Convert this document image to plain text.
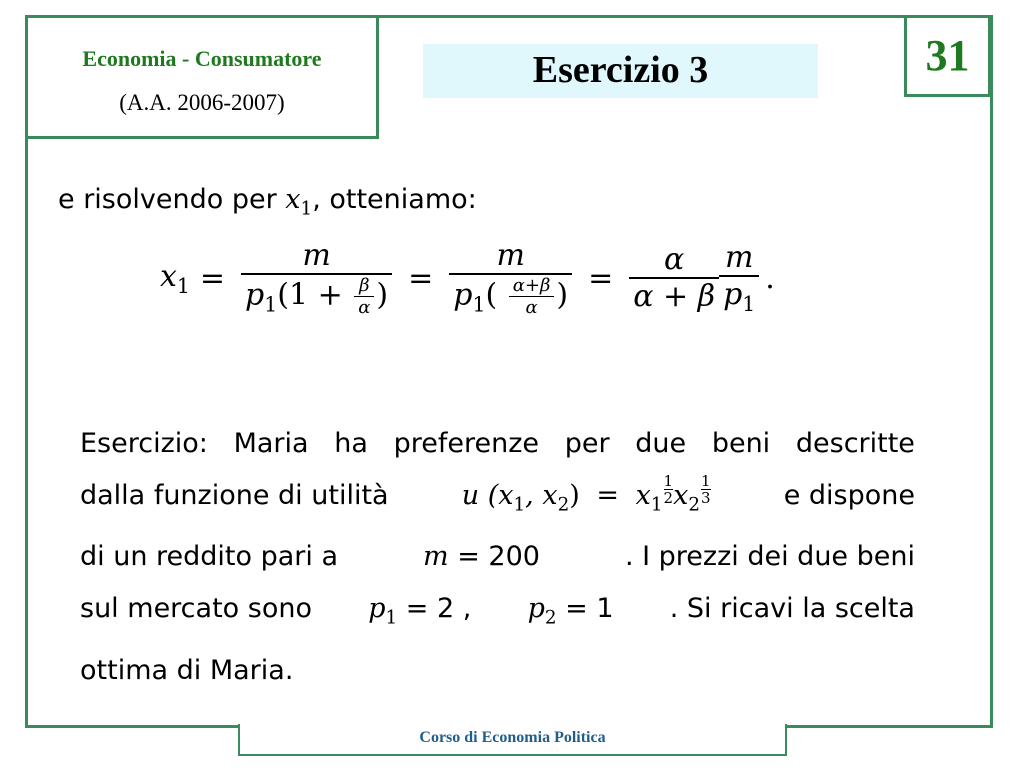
Economia - Consumatore
(A.A. 2006-2007)
Esercizio 3	31
e risolvendo per $x_1$, otteniamo:
$x_1 = \frac{m}{p_1(1 + \frac{\beta}{\alpha} )} = \frac{m}{p_1( \frac{\alpha+\beta}{\alpha} )} = \frac{\alpha}{\alpha + \beta} \frac{m}{p_1}$ .
Esercizio: Maria ha preferenze per due beni descritte
dalla funzione di utilità	u ($x_1$, $x_2) = x_1 \frac{1}{2} x_2 \frac{1}{3}$	e dispone
di un reddito pari a	m = 200	. I prezzi dei due beni
sul mercato sono $p_1 = 2$ , $p_2 = 1$ . Si ricavi la scelta
ottima di Maria.
Corso di Economia Politica
